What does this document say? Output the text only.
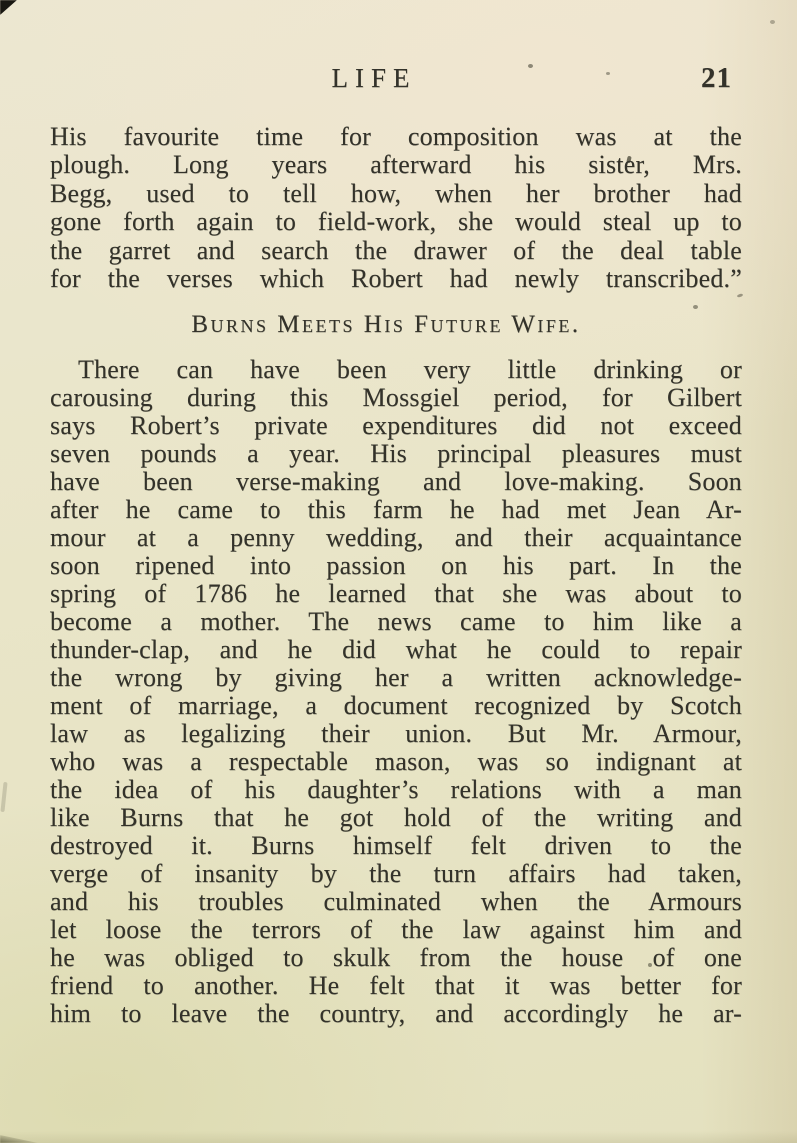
LIFE	21
His favourite time for composition was at the
plough. Long years afterward his sister, Mrs.
Begg, used to tell how, when her brother had
gone forth again to field-work, she would steal up to
the garret and search the drawer of the deal table
for the verses which Robert had newly transcribed.”
Burns Meets His Future Wife.
There can have been very little drinking or
carousing during this Mossgiel period, for Gilbert
says Robert’s private expenditures did not exceed
seven pounds a year. His principal pleasures must
have been verse-making and love-making. Soon
after he came to this farm he had met Jean Ar-
mour at a penny wedding, and their acquaintance
soon ripened into passion on his part. In the
spring of 1786 he learned that she was about to
become a mother. The news came to him like a
thunder-clap, and he did what he could to repair
the wrong by giving her a written acknowledge-
ment of marriage, a document recognized by Scotch
law as legalizing their union. But Mr. Armour,
who was a respectable mason, was so indignant at
the idea of his daughter’s relations with a man
like Burns that he got hold of the writing and
destroyed it. Burns himself felt driven to the
verge of insanity by the turn affairs had taken,
and his troubles culminated when the Armours
let loose the terrors of the law against him and
he was obliged to skulk from the house of one
friend to another. He felt that it was better for
him to leave the country, and accordingly he ar-
